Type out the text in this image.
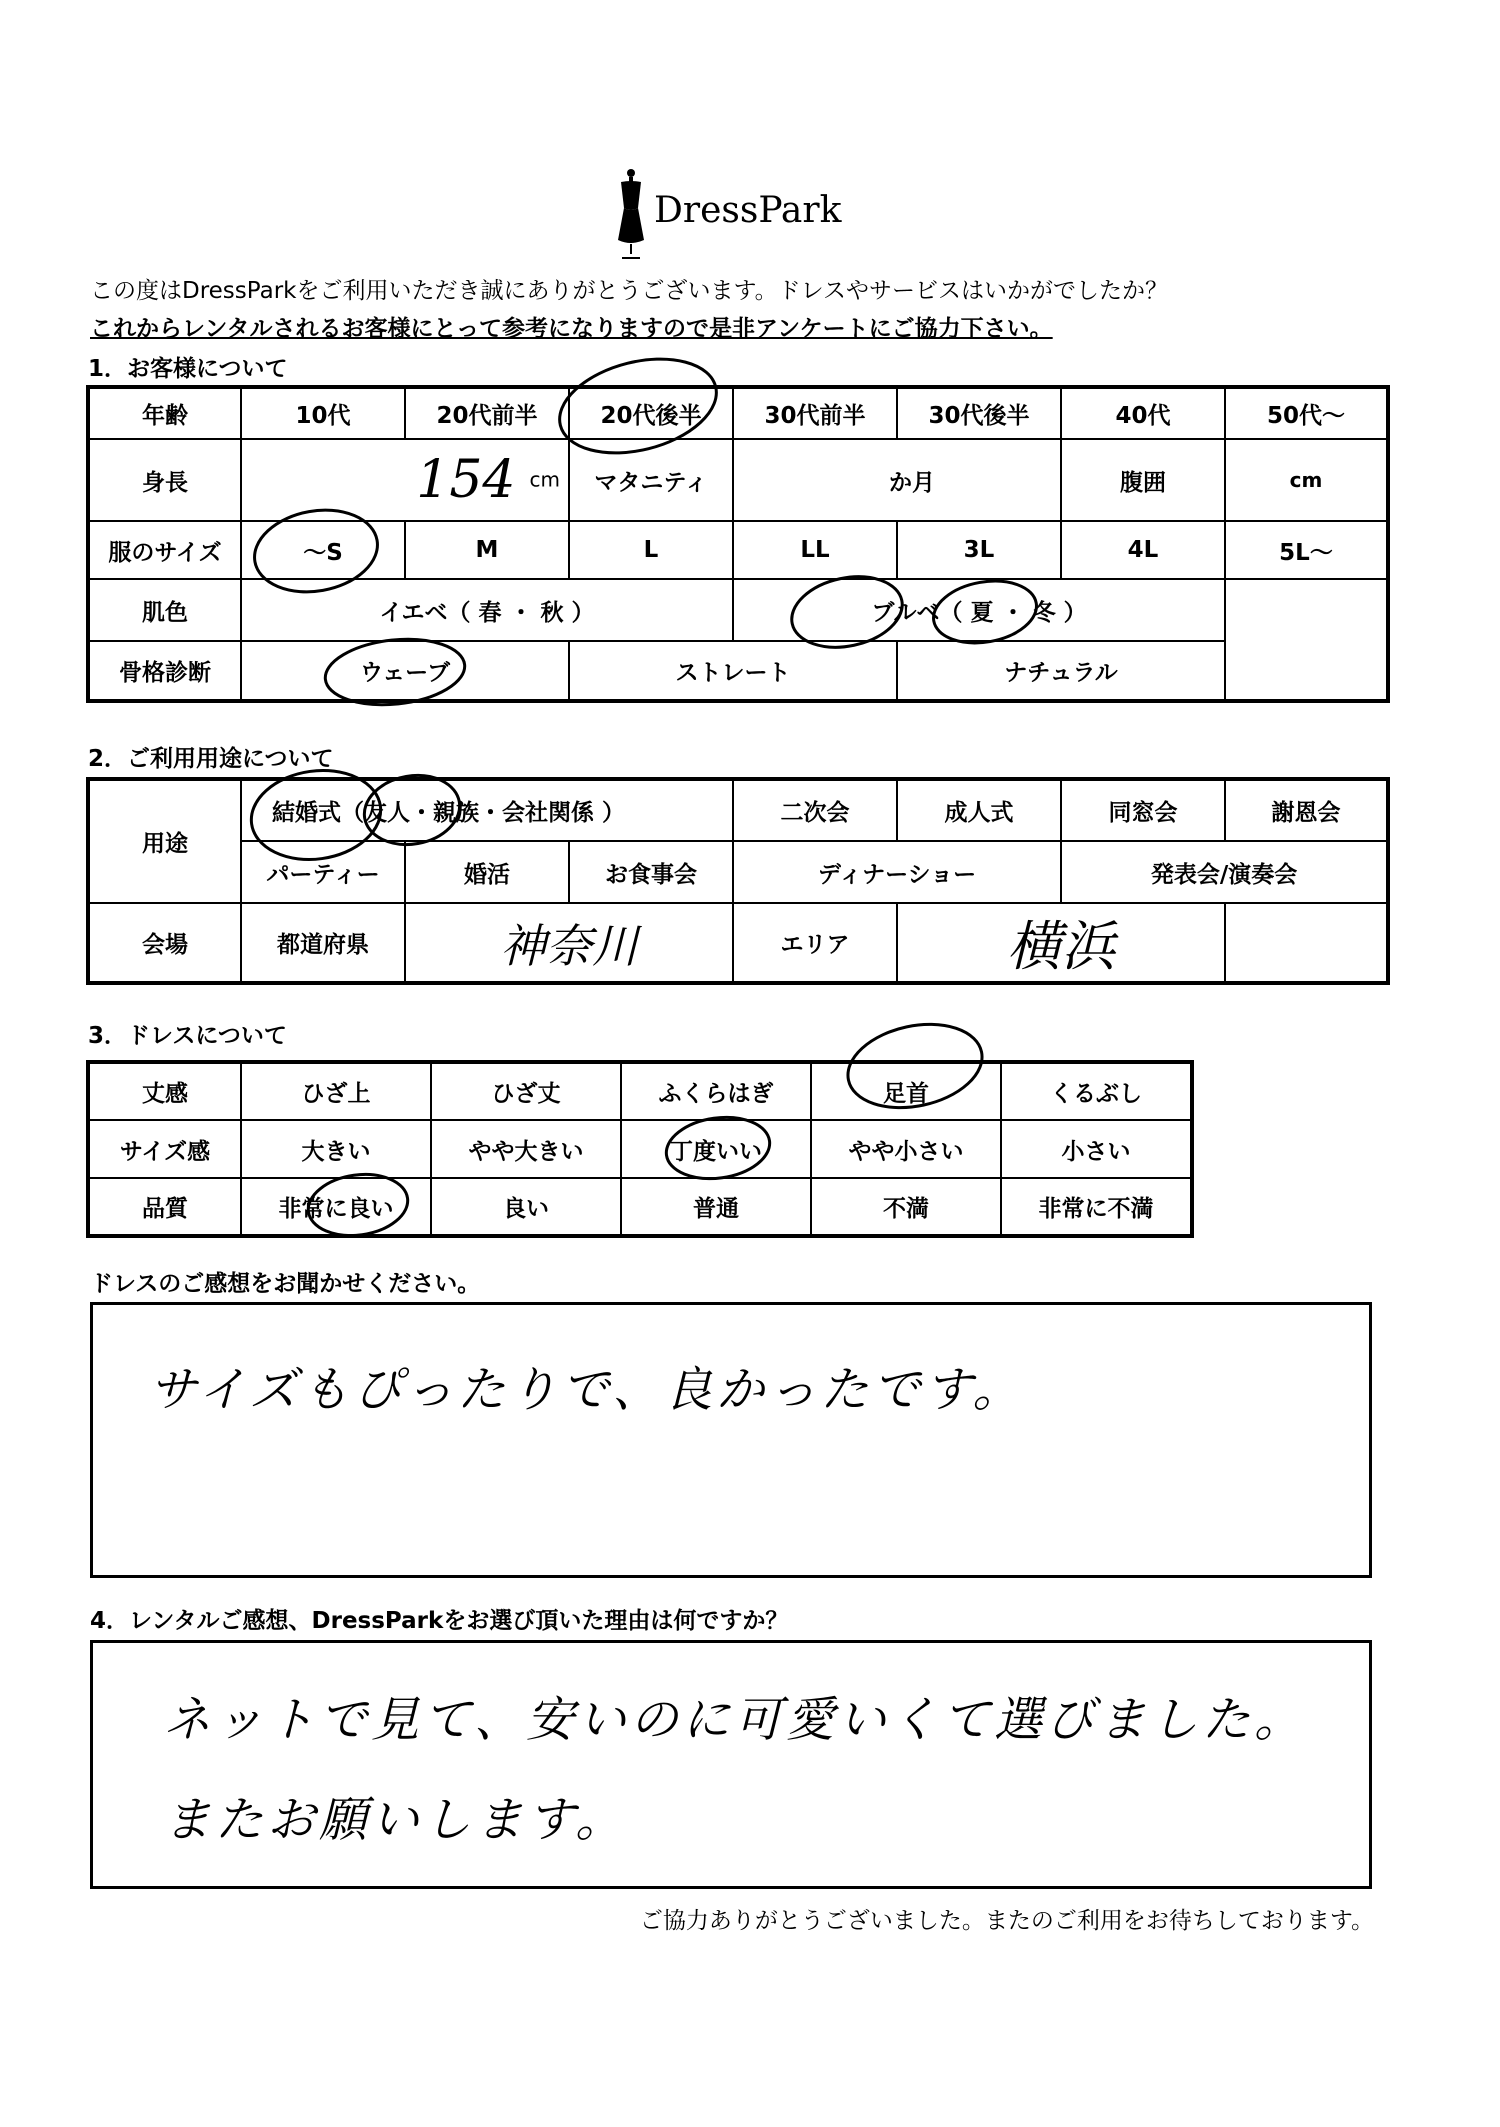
DressPark
この度はDressParkをご利用いただき誠にありがとうございます。ドレスやサービスはいかがでしたか？
これからレンタルされるお客様にとって参考になりますので是非アンケートにご協力下さい。
1．お客様について
年齢	10代	20代前半	20代後半	30代前半	30代後半	40代	50代～
身長	154 cm		マタニティ	か月		腹囲	cm
服のサイズ	～S	M	L	LL	3L	4L	5L～
肌色	イエベ（ 春 ・ 秋 ）			ブルベ（ 夏 ・ 冬 ）			
骨格診断	ウェーブ		ストレート		ナチュラル		
2．ご利用用途について
用途	結婚式（友人・親族・会社関係 ）			二次会	成人式	同窓会	謝恩会
	パーティー	婚活	お食事会	ディナーショー		発表会/演奏会	
会場	都道府県	神奈川		エリア	横浜		
3．ドレスについて
丈感	ひざ上	ひざ丈	ふくらはぎ	足首	くるぶし
サイズ感	大きい	やや大きい	丁度いい	やや小さい	小さい
品質	非常に良い	良い	普通	不満	非常に不満
ドレスのご感想をお聞かせください。
サイズもぴったりで、良かったです。
4．レンタルご感想、DressParkをお選び頂いた理由は何ですか？
ネットで見て、安いのに可愛いくて選びました。
またお願いします。
ご協力ありがとうございました。またのご利用をお待ちしております。
